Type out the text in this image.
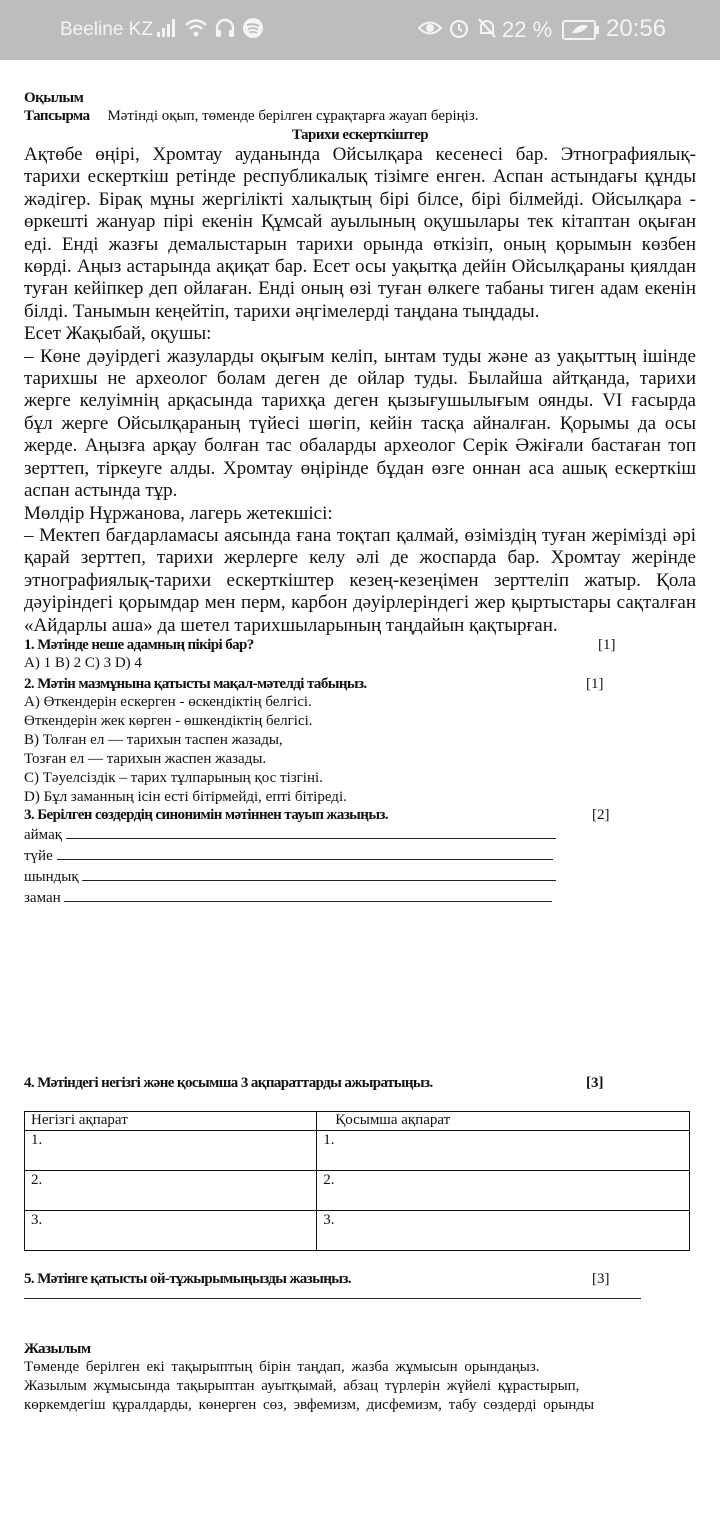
Beeline KZ	22 % 20:56
Оқылым
Тапсырма Мәтінді оқып, төменде берілген сұрақтарға жауап беріңіз.
Тарихи ескерткіштер
Ақтөбе өңірі, Хромтау ауданында Ойсылқара кесенесі бар. Этнографиялық-тарихи ескерткіш ретінде республикалық тізімге енген. Аспан астындағы құнды жәдігер. Бірақ мұны жергілікті халықтың бірі білсе, бірі білмейді. Ойсылқара - өркешті жануар пірі екенін Құмсай ауылының оқушылары тек кітаптан оқыған еді. Енді жазғы демалыстарын тарихи орында өткізіп, оның қорымын көзбен көрді. Аңыз астарында ақиқат бар. Есет осы уақытқа дейін Ойсылқараны қиялдан туған кейіпкер деп ойлаған. Енді оның өзі туған өлкеге табаны тиген адам екенін білді. Танымын кеңейтіп, тарихи әңгімелерді таңдана тыңдады.
Есет Жақыбай, оқушы:
– Көне дәуірдегі жазуларды оқығым келіп, ынтам туды және аз уақыттың ішінде тарихшы не археолог болам деген де ойлар туды. Былайша айтқанда, тарихи жерге келуімнің арқасында тарихқа деген қызығушылығым оянды. VI ғасырда бұл жерге Ойсылқараның түйесі шөгіп, кейін тасқа айналған. Қорымы да осы жерде. Аңызға арқау болған тас обаларды археолог Серік Әжіғали бастаған топ зерттеп, тіркеуге алды. Хромтау өңірінде бұдан өзге оннан аса ашық ескерткіш аспан астында тұр.
Мөлдір Нұржанова, лагерь жетекшісі:
– Мектеп бағдарламасы аясында ғана тоқтап қалмай, өзіміздің туған жерімізді әрі қарай зерттеп, тарихи жерлерге келу әлі де жоспарда бар. Хромтау жерінде этнографиялық-тарихи ескерткіштер кезең-кезеңімен зерттеліп жатыр. Қола дәуіріндегі қорымдар мен перм, карбон дәуірлеріндегі жер қыртыстары сақталған «Айдарлы аша» да шетел тарихшыларының таңдайын қақтырған.
1. Мәтінде неше адамның пікірі бар?	[1]
A) 1 B) 2 C) 3 D) 4
2. Мәтін мазмұнына қатысты мақал-мәтелді табыңыз.	[1]
A) Өткендерін ескерген - өскендіктің белгісі.
Өткендерін жек көрген - өшкендіктің белгісі.
B) Толған ел — тарихын таспен жазады,
Тозған ел — тарихын жаспен жазады.
C) Тәуелсіздік – тарих тұлпарының қос тізгіні.
D) Бұл заманның ісін есті бітірмейді, епті бітіреді.
3. Берілген сөздердің синонимін мәтіннен тауып жазыңыз.	[2]
аймақ
түйе
шындық
заман
4. Мәтіндегі негізгі және қосымша 3 ақпараттарды ажыратыңыз.	[3]
Негізгі ақпарат	Қосымша ақпарат
1.	1.
2.	2.
3.	3.
5. Мәтінге қатысты ой-тұжырымыңызды жазыңыз.	[3]
Жазылым
Төменде берілген екі тақырыптың бірін таңдап, жазба жұмысын орындаңыз.
Жазылым жұмысында тақырыптан ауытқымай, абзац түрлерін жүйелі құрастырып,
көркемдегіш құралдарды, көнерген сөз, эвфемизм, дисфемизм, табу сөздерді орынды
